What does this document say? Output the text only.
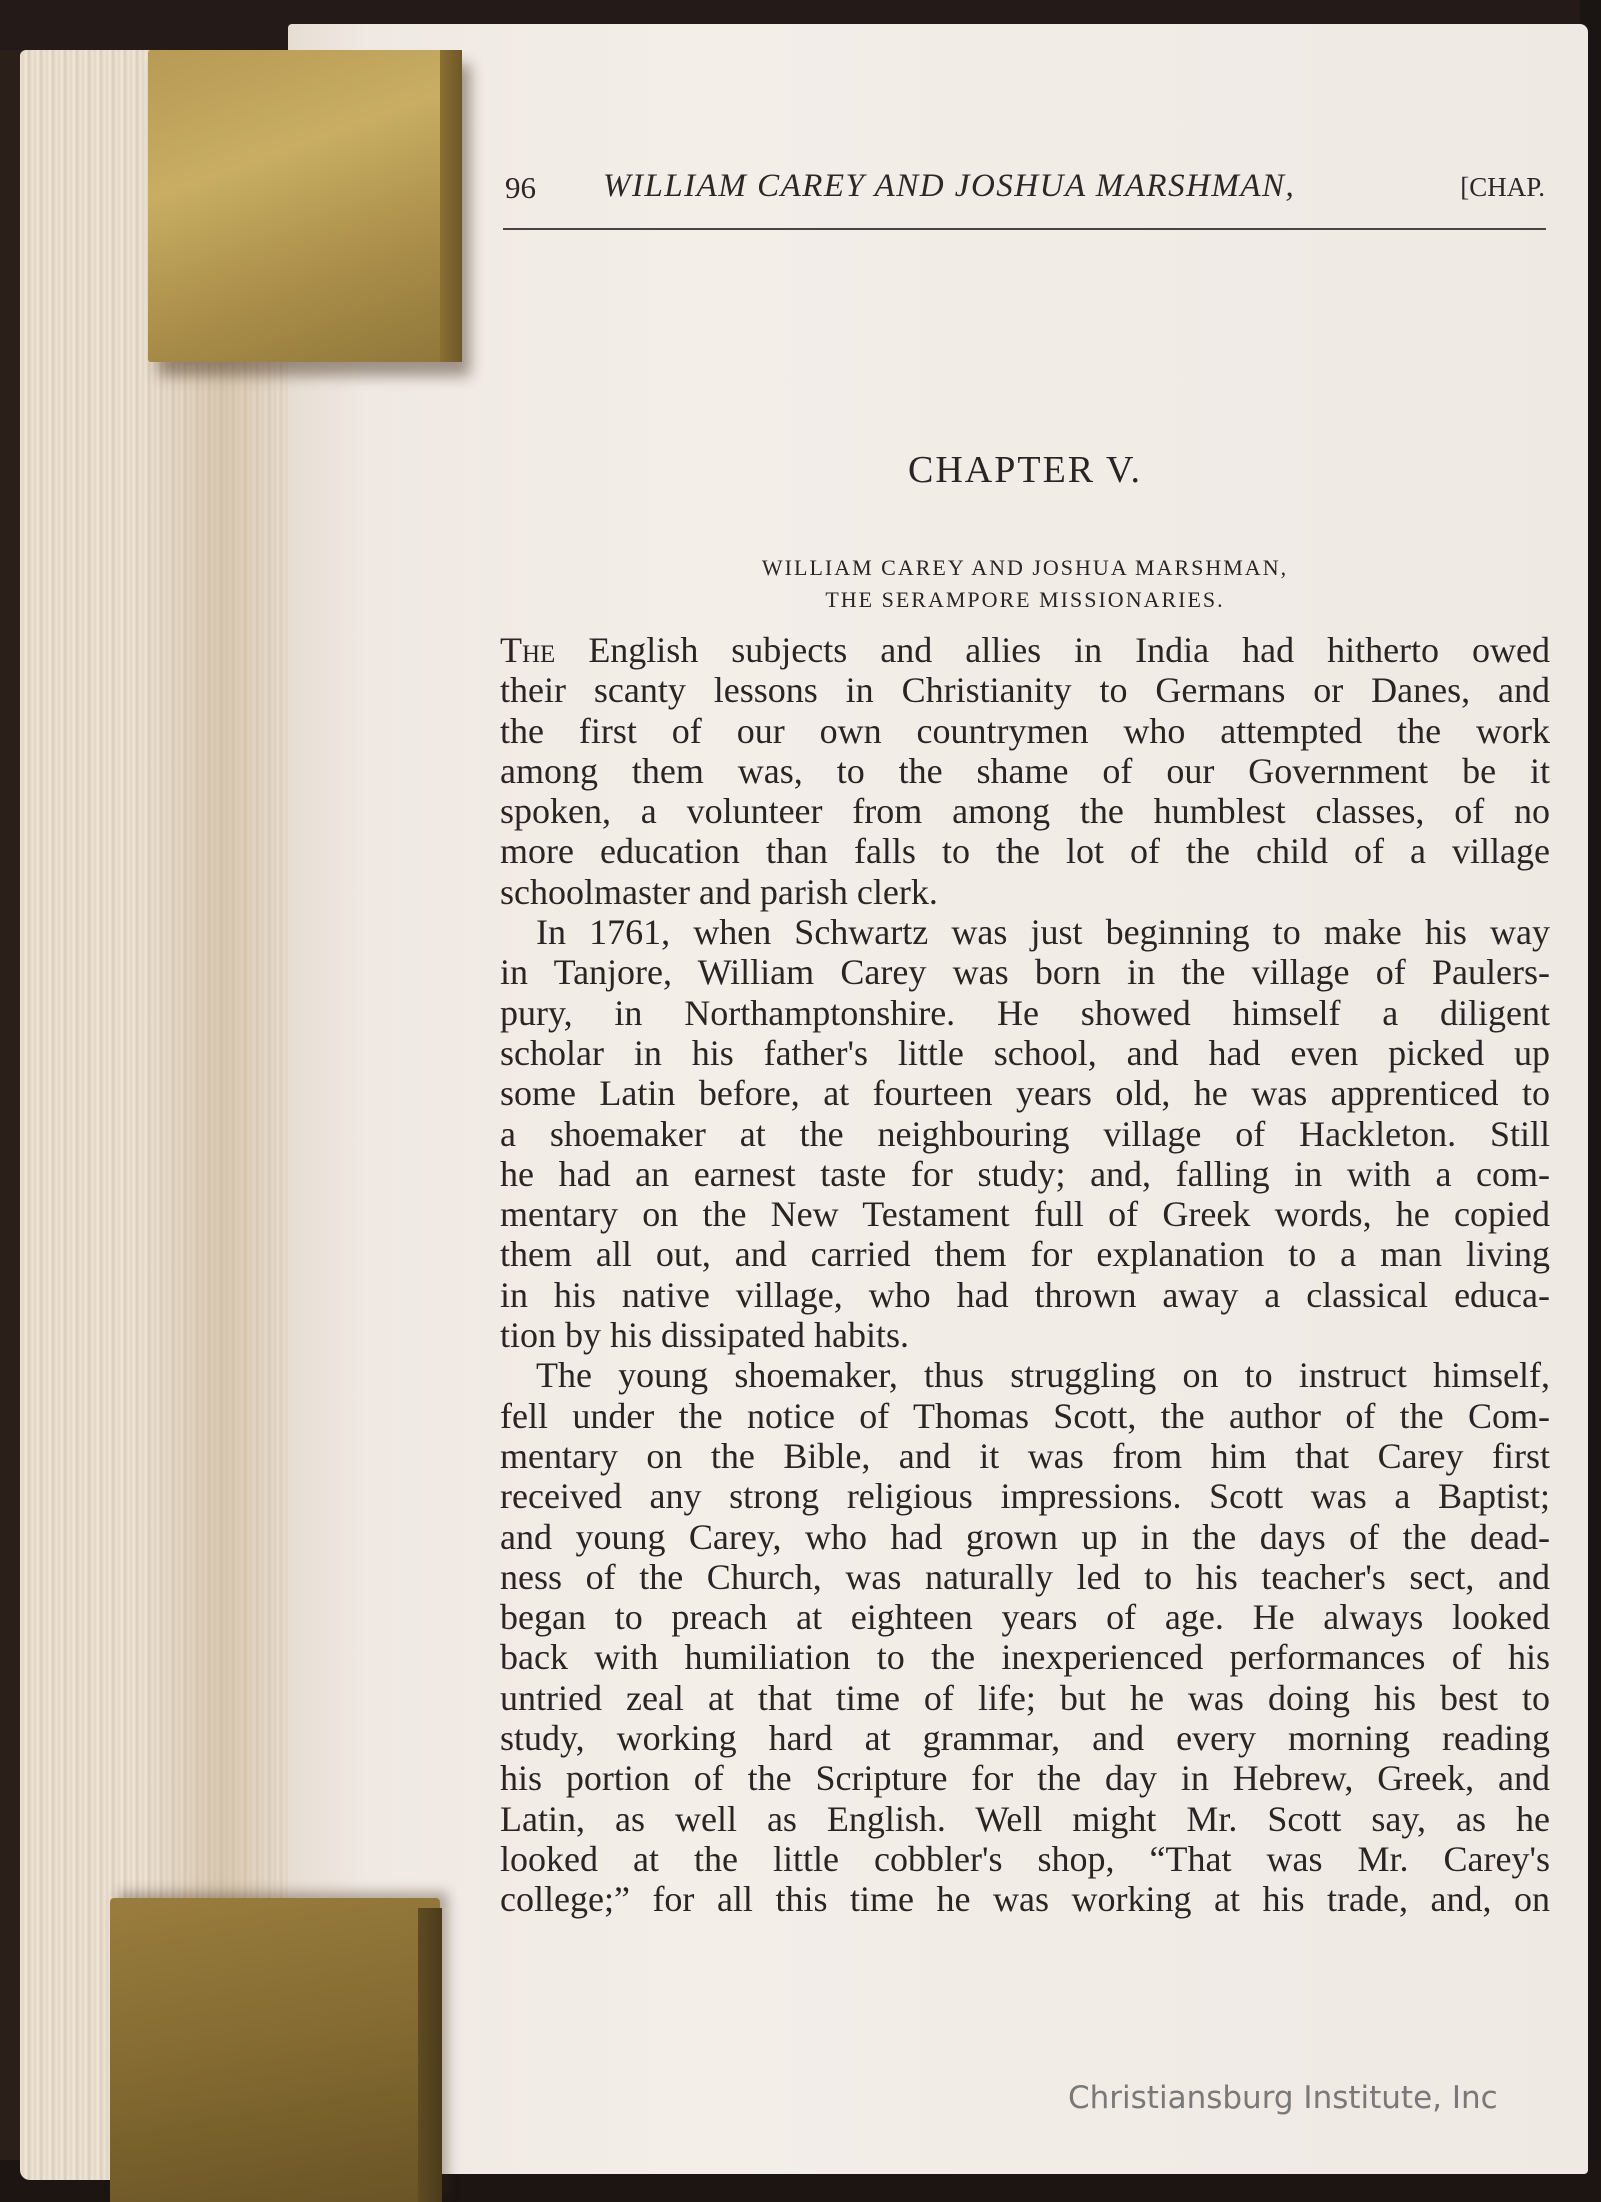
96 WILLIAM CAREY AND JOSHUA MARSHMAN,	[CHAP.
CHAPTER V.
WILLIAM CAREY AND JOSHUA MARSHMAN,
THE SERAMPORE MISSIONARIES.
The English subjects and allies in India had hitherto owed
their scanty lessons in Christianity to Germans or Danes, and
the first of our own countrymen who attempted the work
among them was, to the shame of our Government be it
spoken, a volunteer from among the humblest classes, of no
more education than falls to the lot of the child of a village
schoolmaster and parish clerk.
In 1761, when Schwartz was just beginning to make his way
in Tanjore, William Carey was born in the village of Paulers-
pury, in Northamptonshire. He showed himself a diligent
scholar in his father's little school, and had even picked up
some Latin before, at fourteen years old, he was apprenticed to
a shoemaker at the neighbouring village of Hackleton. Still
he had an earnest taste for study; and, falling in with a com-
mentary on the New Testament full of Greek words, he copied
them all out, and carried them for explanation to a man living
in his native village, who had thrown away a classical educa-
tion by his dissipated habits.
The young shoemaker, thus struggling on to instruct himself,
fell under the notice of Thomas Scott, the author of the Com-
mentary on the Bible, and it was from him that Carey first
received any strong religious impressions. Scott was a Baptist;
and young Carey, who had grown up in the days of the dead-
ness of the Church, was naturally led to his teacher's sect, and
began to preach at eighteen years of age. He always looked
back with humiliation to the inexperienced performances of his
untried zeal at that time of life; but he was doing his best to
study, working hard at grammar, and every morning reading
his portion of the Scripture for the day in Hebrew, Greek, and
Latin, as well as English. Well might Mr. Scott say, as he
looked at the little cobbler's shop, “That was Mr. Carey's
college;” for all this time he was working at his trade, and, on
Christiansburg Institute, Inc
